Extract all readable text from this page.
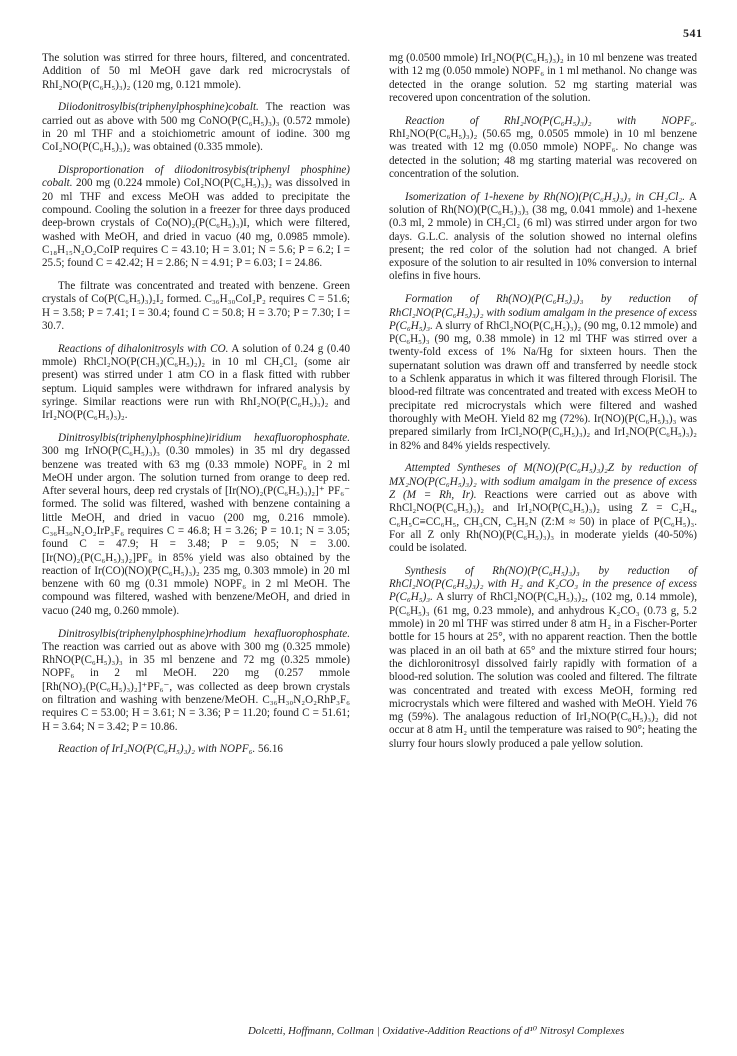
541

The solution was stirred for three hours, filtered, and concentrated. Addition of 50 ml MeOH gave dark red microcrystals of RhI₂NO(P(C₆H₅)₃)₂ (120 mg, 0.121 mmole).

Diiodonitrosylbis(triphenylphosphine)cobalt. The reaction was carried out as above with 500 mg CoNO(P(C₆H₅)₃)₃ (0.572 mmole) in 20 ml THF and a stoichiometric amount of iodine. 300 mg CoI₂NO(P(C₆H₅)₃)₂ was obtained (0.335 mmole).

Disproportionation of diiodonitrosybis(triphenyl phosphine) cobalt. 200 mg (0.224 mmole) CoI₂NO(P(C₆H₅)₃)₂ was dissolved in 20 ml THF and excess MeOH was added to precipitate the compound. Cooling the solution in a freezer for three days produced deep-brown crystals of Co(NO)₂(P(C₆H₅)₃)I, which were filtered, washed with MeOH, and dried in vacuo (40 mg, 0.0985 mmole). C₁₈H₁₅N₂O₂CoIP requires C = 43.10; H = 3.01; N = 5.6; P = 6.2; I = 25.5; found C = 42.42; H = 2.86; N = 4.91; P = 6.03; I = 24.86.

The filtrate was concentrated and treated with benzene. Green crystals of Co(P(C₆H₅)₃)₂I₂ formed. C₃₆H₃₀CoI₂P₂ requires C = 51.6; H = 3.58; P = 7.41; I = 30.4; found C = 50.8; H = 3.70; P = 7.30; I = 30.7.

Reactions of dihalonitrosyls with CO. A solution of 0.24 g (0.40 mmole) RhCl₂NO(P(CH₃)(C₆H₅)₂)₂ in 10 ml CH₂Cl₂ (some air present) was stirred under 1 atm CO in a flask fitted with rubber septum. Liquid samples were withdrawn for infrared analysis by syringe. Similar reactions were run with RhI₂NO(P(C₆H₅)₃)₂ and IrI₂NO(P(C₆H₅)₃)₂.

Dinitrosylbis(triphenylphosphine)iridium hexafluorophosphate. 300 mg IrNO(P(C₆H₅)₃)₃ (0.30 mmoles) in 35 ml dry degassed benzene was treated with 63 mg (0.33 mmole) NOPF₆ in 2 ml MeOH under argon. The solution turned from orange to deep red. After several hours, deep red crystals of [Ir(NO)₂(P(C₆H₅)₃)₂]⁺ PF₆⁻ formed. The solid was filtered, washed with benzene containing a little MeOH, and dried in vacuo (200 mg, 0.216 mmole). C₃₆H₃₀N₂O₂IrP₃F₆ requires C = 46.8; H = 3.26; P = 10.1; N = 3.05; found C = 47.9; H = 3.48; P = 9.05; N = 3.00. [Ir(NO)₂(P(C₆H₅)₃)₂]PF₆ in 85% yield was also obtained by the reaction of Ir(CO)(NO)(P(C₆H₅)₃)₂ 235 mg, 0.303 mmole) in 20 ml benzene with 60 mg (0.31 mmole) NOPF₆ in 2 ml MeOH. The compound was filtered, washed with benzene/MeOH, and dried in vacuo (240 mg, 0.260 mmole).

Dinitrosylbis(triphenylphosphine)rhodium hexafluorophosphate. The reaction was carried out as above with 300 mg (0.325 mmole) RhNO(P(C₆H₅)₃)₃ in 35 ml benzene and 72 mg (0.325 mmole) NOPF₆ in 2 ml MeOH. 220 mg (0.257 mmole [Rh(NO)₂(P(C₆H₅)₃)₂]⁺PF₆⁻, was collected as deep brown crystals on filtration and washing with benzene/MeOH. C₃₆H₃₀N₂O₂RhP₃F₆ requires C = 53.00; H = 3.61; N = 3.36; P = 11.20; found C = 51.61; H = 3.64; N = 3.42; P = 10.86.

Reaction of IrI₂NO(P(C₆H₅)₃)₂ with NOPF₆. 56.16

mg (0.0500 mmole) IrI₂NO(P(C₆H₅)₃)₂ in 10 ml benzene was treated with 12 mg (0.050 mmole) NOPF₆ in 1 ml methanol. No change was detected in the orange solution. 52 mg starting material was recovered upon concentration of the solution.

Reaction of RhI₂NO(P(C₆H₅)₃)₂ with NOPF₆. RhI₂NO(P(C₆H₅)₃)₂ (50.65 mg, 0.0505 mmole) in 10 ml benzene was treated with 12 mg (0.050 mmole) NOPF₆. No change was detected in the solution; 48 mg starting material was recovered on concentration of the solution.

Isomerization of 1-hexene by Rh(NO)(P(C₆H₅)₃)₃ in CH₂Cl₂. A solution of Rh(NO)(P(C₆H₅)₃)₃ (38 mg, 0.041 mmole) and 1-hexene (0.3 ml, 2 mmole) in CH₂Cl₂ (6 ml) was stirred under argon for two days. G.L.C. analysis of the solution showed no internal olefins present; the red color of the solution had not changed. A brief exposure of the solution to air resulted in 10% conversion to internal olefins in five hours.

Formation of Rh(NO)(P(C₆H₅)₃)₃ by reduction of RhCl₂NO(P(C₆H₅)₃)₂ with sodium amalgam in the presence of excess P(C₆H₅)₃. A slurry of RhCl₂NO(P(C₆H₅)₃)₂ (90 mg, 0.12 mmole) and P(C₆H₅)₃ (90 mg, 0.38 mmole) in 12 ml THF was stirred over a twenty-fold excess of 1% Na/Hg for sixteen hours. Then the supernatant solution was drawn off and transferred by needle stock to a Schlenk apparatus in which it was filtered through Florisil. The blood-red filtrate was concentrated and treated with excess MeOH to precipitate red microcrystals which were filtered and washed thoroughly with MeOH. Yield 82 mg (72%). Ir(NO)(P(C₆H₅)₃)₃ was prepared similarly from IrCl₂NO(P(C₆H₅)₃)₂ and IrI₂NO(P(C₆H₅)₃)₂ in 82% and 84% yields respectively.

Attempted Syntheses of M(NO)(P(C₆H₅)₃)₂Z by reduction of MX₂NO(P(C₆H₅)₃)₂ with sodium amalgam in the presence of excess Z (M = Rh, Ir). Reactions were carried out as above with RhCl₂NO(P(C₆H₅)₃)₂ and IrI₂NO(P(C₆H₅)₃)₂ using Z = C₂H₄, C₆H₅C≡CC₆H₅, CH₃CN, C₅H₅N (Z:M ≈ 50) in place of P(C₆H₅)₃. For all Z only Rh(NO)(P(C₆H₅)₃)₃ in moderate yields (40-50%) could be isolated.

Synthesis of Rh(NO)(P(C₆H₅)₃)₃ by reduction of RhCl₂NO(P(C₆H₅)₃)₂ with H₂ and K₂CO₃ in the presence of excess P(C₆H₅)₃. A slurry of RhCl₂NO(P(C₆H₅)₃)₂, (102 mg, 0.14 mmole), P(C₆H₅)₃ (61 mg, 0.23 mmole), and anhydrous K₂CO₃ (0.73 g, 5.2 mmole) in 20 ml THF was stirred under 8 atm H₂ in a Fischer-Porter bottle for 15 hours at 25°, with no apparent reaction. Then the bottle was placed in an oil bath at 65° and the mixture stirred four hours; the dichloronitrosyl dissolved fairly rapidly with formation of a blood-red solution. The solution was cooled and filtered. The filtrate was concentrated and treated with excess MeOH, forming red microcrystals which were filtered and washed with MeOH. Yield 76 mg (59%). The analagous reduction of IrI₂NO(P(C₆H₅)₃)₂ did not occur at 8 atm H₂ until the temperature was raised to 90°; heating the slurry four hours slowly produced a pale yellow solution.

Dolcetti, Hoffmann, Collman | Oxidative-Addition Reactions of d¹⁰ Nitrosyl Complexes
